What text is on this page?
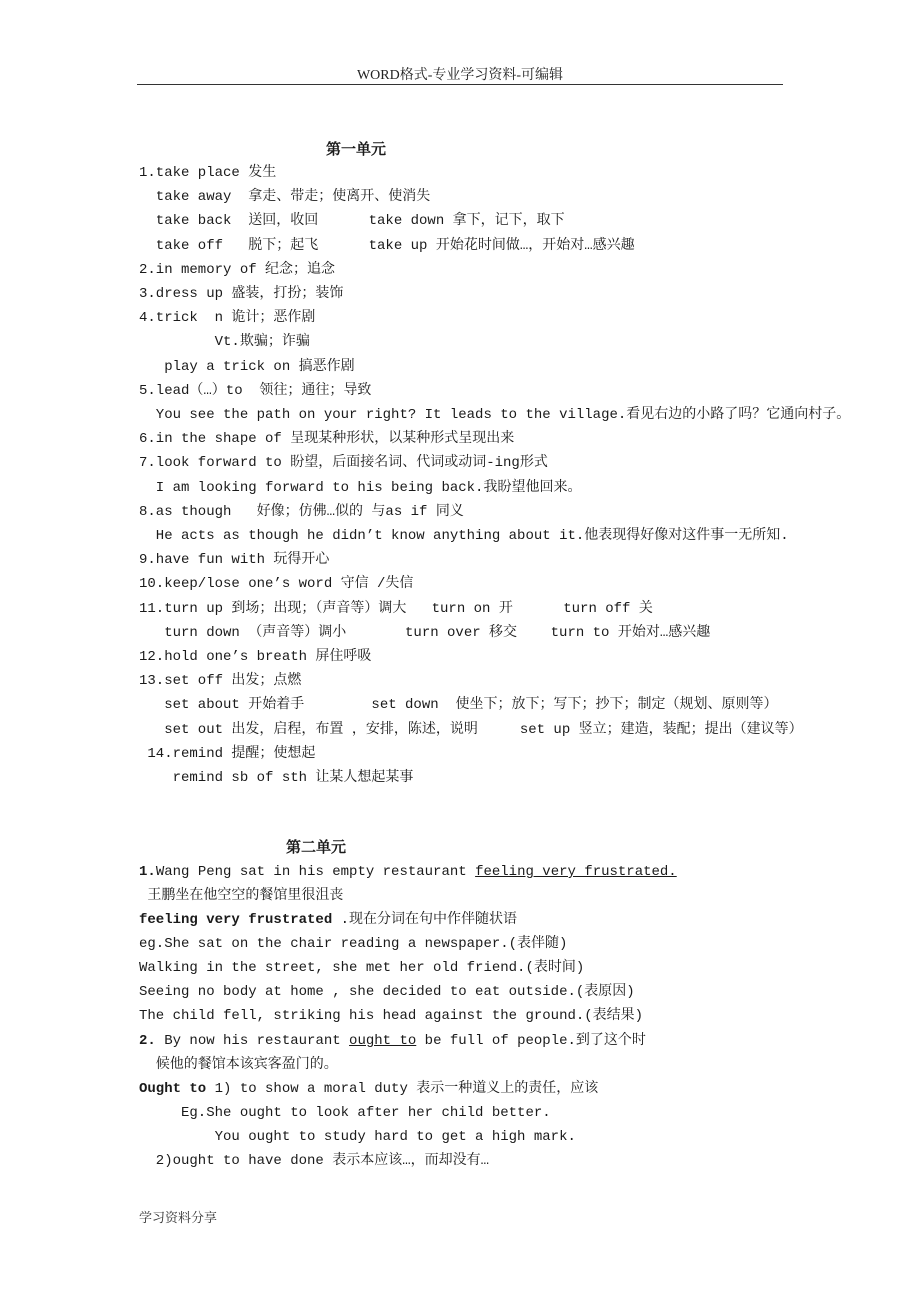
WORD格式-专业学习资料-可编辑
第一单元
1.take place 发生
take away  拿走、带走；使离开、使消失
take back  送回，收回      take down 拿下，记下，取下
take off   脱下；起飞      take up 开始花时间做…，开始对…感兴趣
2.in memory of 纪念；追念
3.dress up 盛装，打扮；装饰
4.trick  n 诡计；恶作剧
Vt.欺骗；诈骗
play a trick on 搞恶作剧
5.lead（…）to  领往；通往；导致
You see the path on your right? It leads to the village.看见右边的小路了吗？它通向村子。
6.in the shape of 呈现某种形状，以某种形式呈现出来
7.look forward to 盼望，后面接名词、代词或动词-ing形式
I am looking forward to his being back.我盼望他回来。
8.as though   好像；仿佛…似的 与as if 同义
He acts as though he didn’t know anything about it.他表现得好像对这件事一无所知.
9.have fun with 玩得开心
10.keep/lose one’s word 守信 /失信
11.turn up 到场；出现；（声音等）调大   turn on 开      turn off 关
turn down （声音等）调小       turn over 移交    turn to 开始对…感兴趣
12.hold one’s breath 屏住呼吸
13.set off 出发；点燃
set about 开始着手        set down  使坐下；放下；写下；抄下；制定（规划、原则等）
set out 出发，启程，布置 ，安排，陈述，说明     set up 竖立；建造，装配；提出（建议等）
14.remind 提醒；使想起
remind sb of sth 让某人想起某事
第二单元
1.Wang Peng sat in his empty restaurant feeling very frustrated.
王鹏坐在他空空的餐馆里很沮丧
feeling very frustrated .现在分词在句中作伴随状语
eg.She sat on the chair reading a newspaper.(表伴随)
Walking in the street, she met her old friend.(表时间)
Seeing no body at home , she decided to eat outside.(表原因)
The child fell, striking his head against the ground.(表结果)
2. By now his restaurant ought to be full of people.到了这个时
候他的餐馆本该宾客盈门的。
Ought to 1) to show a moral duty 表示一种道义上的责任，应该
Eg.She ought to look after her child better.
You ought to study hard to get a high mark.
2)ought to have done 表示本应该…，而却没有…
学习资料分享
